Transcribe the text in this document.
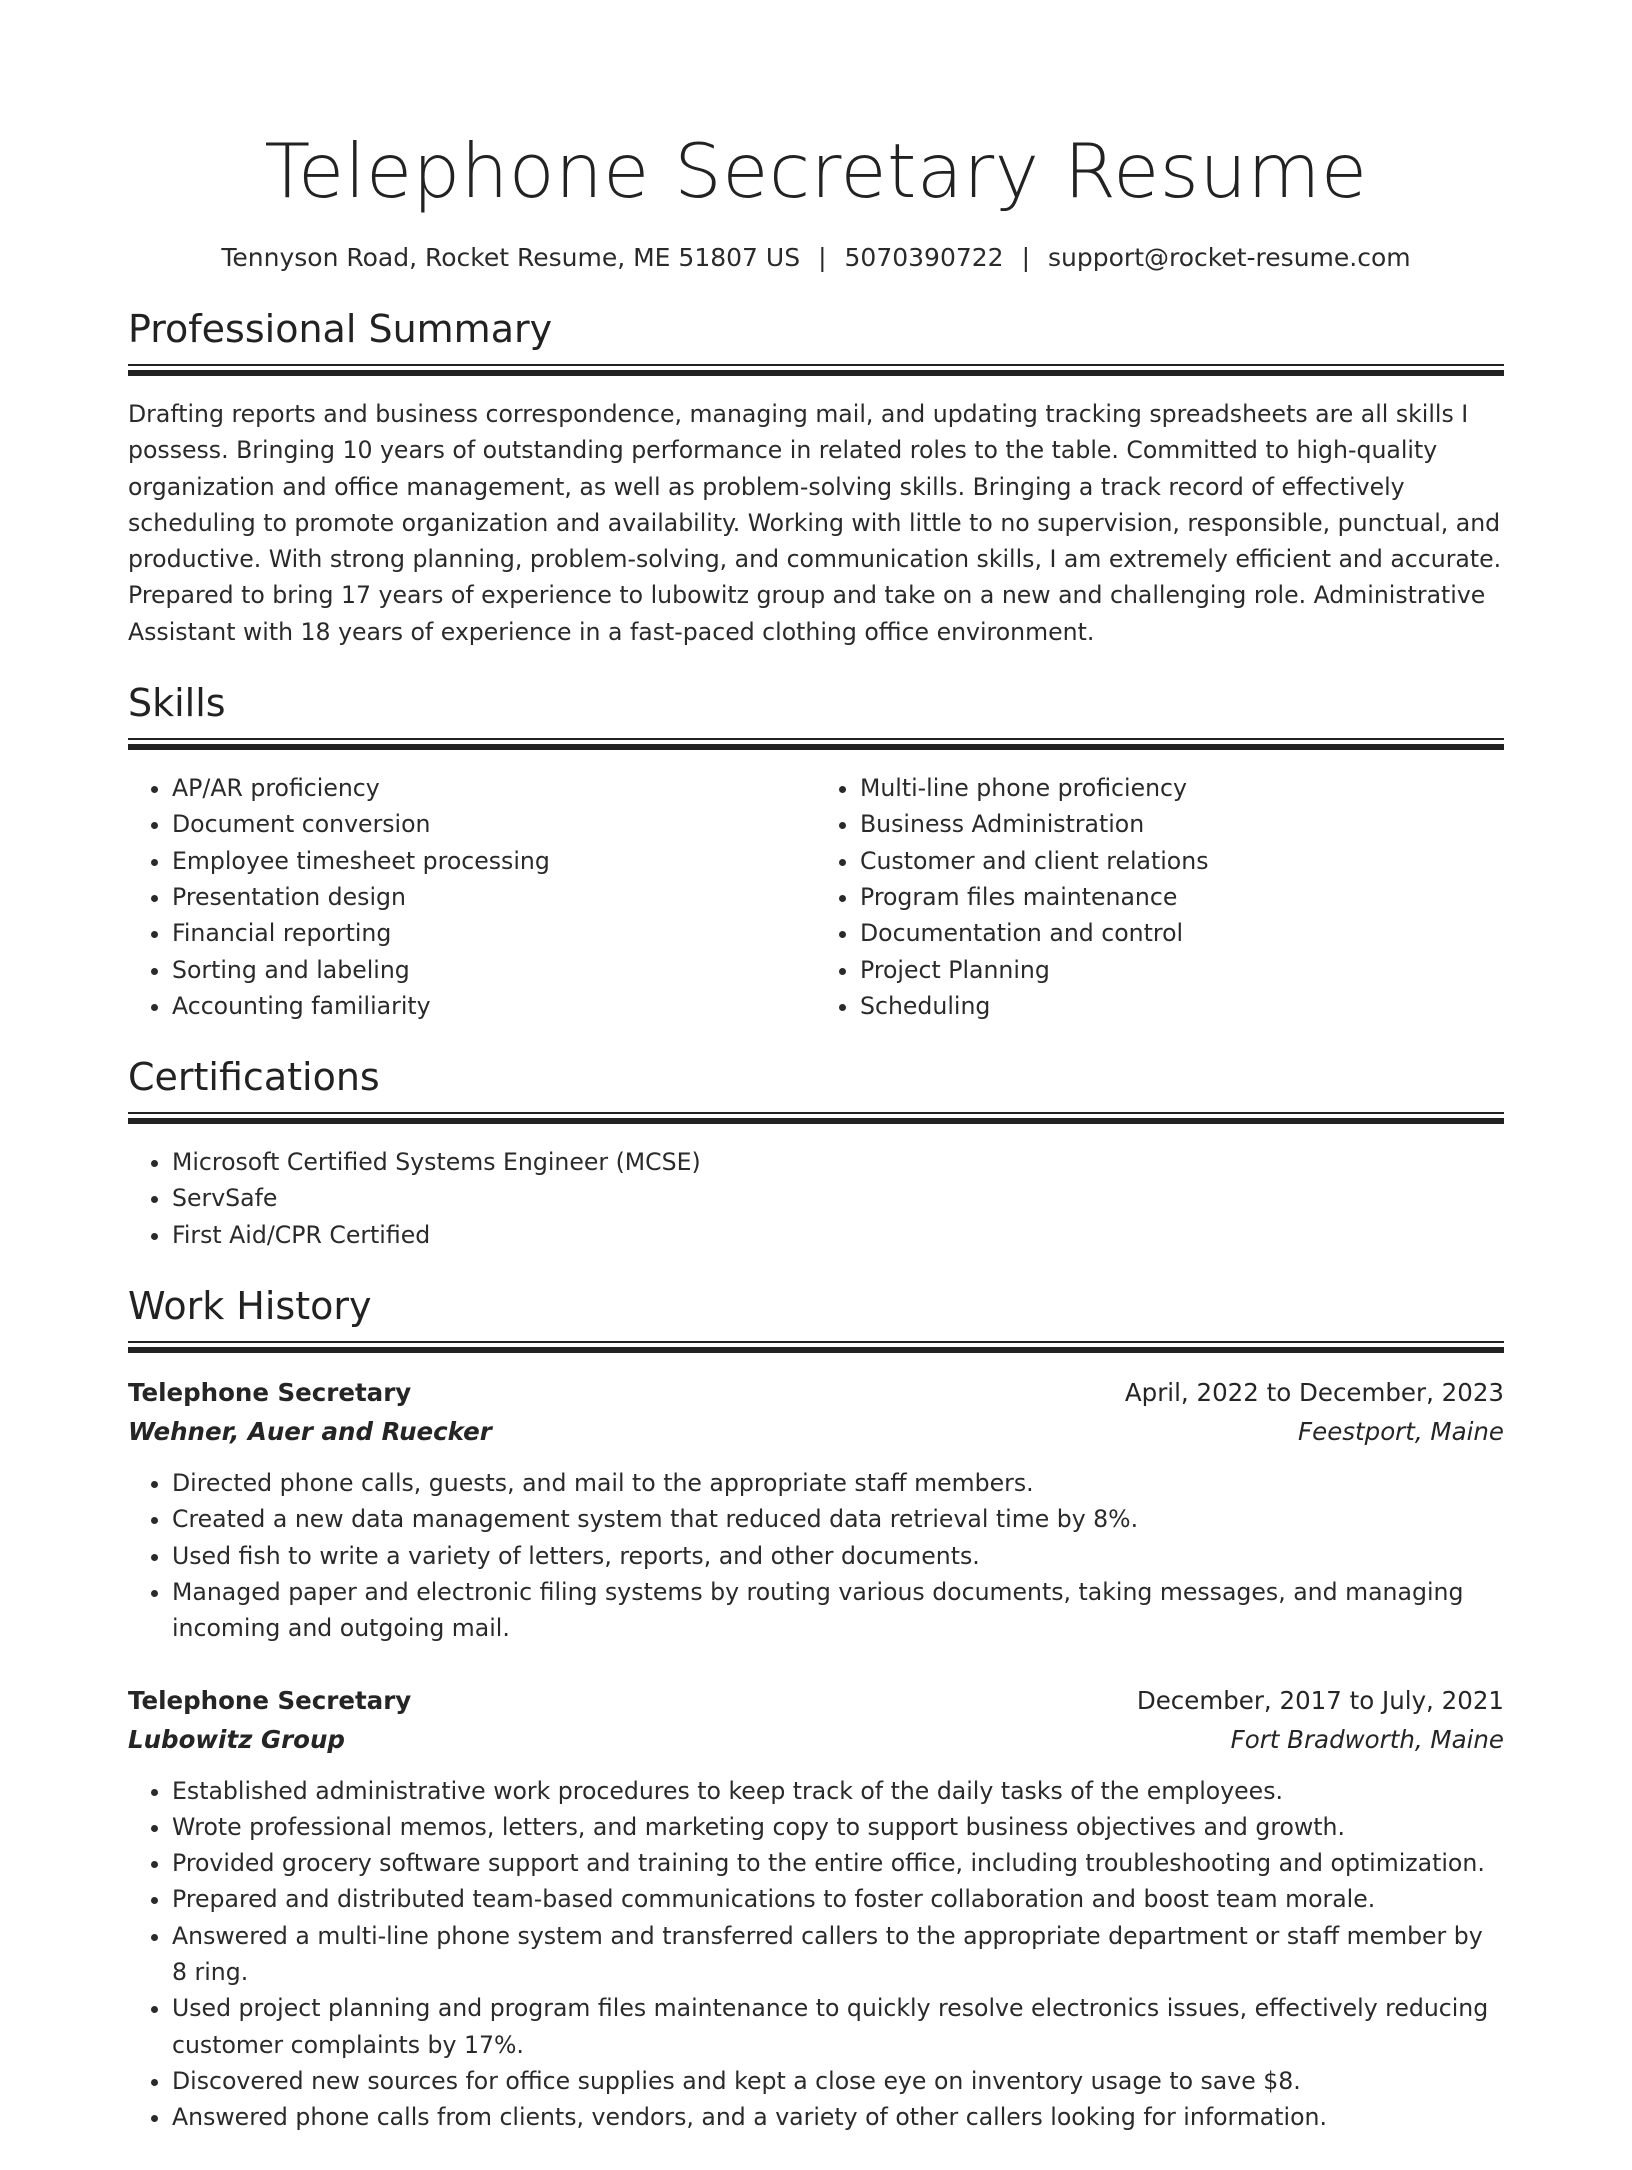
Telephone Secretary Resume
Tennyson Road, Rocket Resume, ME 51807 US | 5070390722 | support@rocket-resume.com
Professional Summary

Drafting reports and business correspondence, managing mail, and updating tracking spreadsheets are all skills I possess. Bringing 10 years of outstanding performance in related roles to the table. Committed to high-quality organization and office management, as well as problem-solving skills. Bringing a track record of effectively scheduling to promote organization and availability. Working with little to no supervision, responsible, punctual, and productive. With strong planning, problem-solving, and communication skills, I am extremely efficient and accurate. Prepared to bring 17 years of experience to lubowitz group and take on a new and challenging role. Administrative Assistant with 18 years of experience in a fast-paced clothing office environment.

Skills
• AP/AR proficiency
• Document conversion
• Employee timesheet processing
• Presentation design
• Financial reporting
• Sorting and labeling
• Accounting familiarity
• Multi-line phone proficiency
• Business Administration
• Customer and client relations
• Program files maintenance
• Documentation and control
• Project Planning
• Scheduling
Certifications
• Microsoft Certified Systems Engineer (MCSE)
• ServSafe
• First Aid/CPR Certified
Work History
Telephone Secretary	April, 2022 to December, 2023
Wehner, Auer and Ruecker	Feestport, Maine
• Directed phone calls, guests, and mail to the appropriate staff members.
• Created a new data management system that reduced data retrieval time by 8%.
• Used fish to write a variety of letters, reports, and other documents.
• Managed paper and electronic filing systems by routing various documents, taking messages, and managing incoming and outgoing mail.
Telephone Secretary	December, 2017 to July, 2021
Lubowitz Group	Fort Bradworth, Maine
• Established administrative work procedures to keep track of the daily tasks of the employees.
• Wrote professional memos, letters, and marketing copy to support business objectives and growth.
• Provided grocery software support and training to the entire office, including troubleshooting and optimization.
• Prepared and distributed team-based communications to foster collaboration and boost team morale.
• Answered a multi-line phone system and transferred callers to the appropriate department or staff member by 8 ring.
• Used project planning and program files maintenance to quickly resolve electronics issues, effectively reducing customer complaints by 17%.
• Discovered new sources for office supplies and kept a close eye on inventory usage to save $8.
• Answered phone calls from clients, vendors, and a variety of other callers looking for information.
